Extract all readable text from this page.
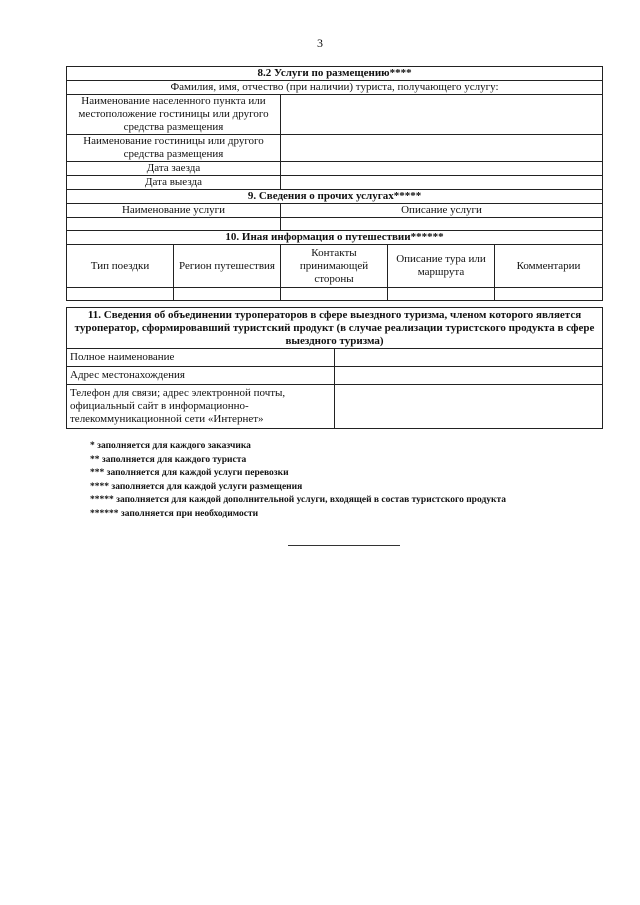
3
8.2 Услуги по размещению****				
Фамилия, имя, отчество (при наличии) туриста, получающего услугу:				
Наименование населенного пункта или местоположение гостиницы или другого средства размещения				
Наименование гостиницы или другого средства размещения				
Дата заезда				
Дата выезда				
9. Сведения о прочих услугах*****				
Наименование услуги		Описание услуги		

10. Иная информация о путешествии******				
Тип поездки	Регион путешествия	Контакты принимающей стороны	Описание тура или маршрута	Комментарии

11. Сведения об объединении туроператоров в сфере выездного туризма, членом которого является туроператор, сформировавший туристский продукт (в случае реализации туристского продукта в сфере выездного туризма)	
Полное наименование	
Адрес местонахождения	
Телефон для связи; адрес электронной почты, официальный сайт в информационно-телекоммуникационной сети «Интернет»	
* заполняется для каждого заказчика
** заполняется для каждого туриста
*** заполняется для каждой услуги перевозки
**** заполняется для каждой услуги размещения
***** заполняется для каждой дополнительной услуги, входящей в состав туристского продукта
****** заполняется при необходимости
